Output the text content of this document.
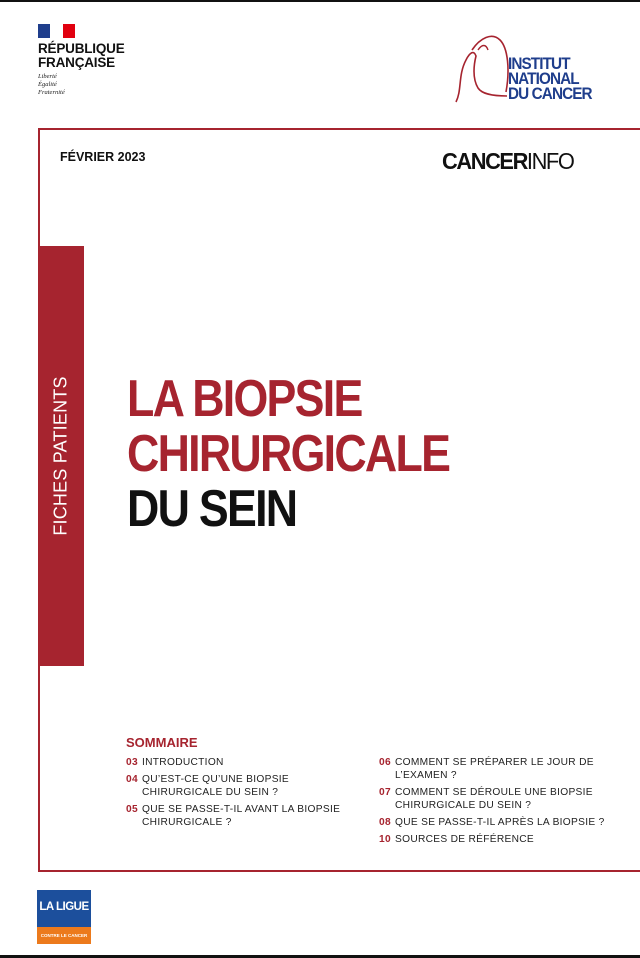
RÉPUBLIQUE
FRANÇAISE
Liberté
Égalité
Fraternité
INSTITUT
NATIONAL
DU CANCER
FÉVRIER 2023	CANCERINFO
FICHES PATIENTS LA BIOPSIE
CHIRURGICALE
DU SEIN
SOMMAIRE
03 INTRODUCTION
04 QU’EST-CE QU’UNE BIOPSIE CHIRURGICALE DU SEIN ?
05 QUE SE PASSE-T-IL AVANT LA BIOPSIE CHIRURGICALE ?
06 COMMENT SE PRÉPARER LE JOUR DE L’EXAMEN ?
07 COMMENT SE DÉROULE UNE BIOPSIE CHIRURGICALE DU SEIN ?
08 QUE SE PASSE-T-IL APRÈS LA BIOPSIE ?
10 SOURCES DE RÉFÉRENCE
LA LIGUE
CONTRE LE CANCER
